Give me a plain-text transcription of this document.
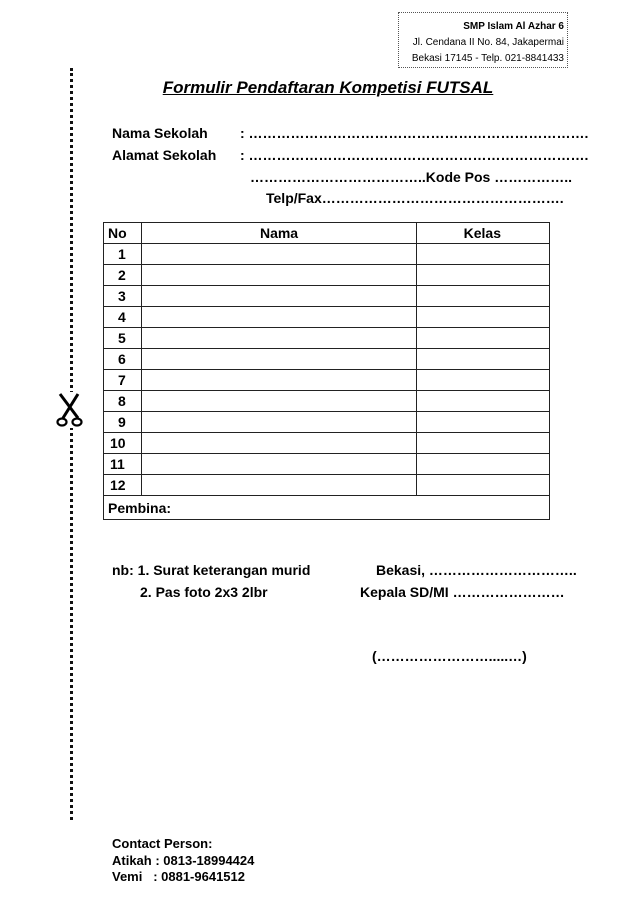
SMP Islam Al Azhar 6
Jl. Cendana II No. 84, Jakapermai
Bekasi 17145 - Telp. 021-8841433
Formulir Pendaftaran Kompetisi FUTSAL
Nama Sekolah : ……………………………………………………………….
Alamat Sekolah : ……………………………………………………………….
………………………………..Kode Pos ……………..
Telp/Fax…………………………………………….
No	Nama	Kelas
1		
2		
3		
4		
5		
6		
7		
8		
9		
10		
11		
12		
Pembina:		
nb: 1. Surat keterangan murid
2. Pas foto 2x3 2lbr
Bekasi, …………………………..
Kepala SD/MI ……………………
(…………………….....…)
Contact Person:
Atikah : 0813-18994424
Vemi   : 0881-9641512
